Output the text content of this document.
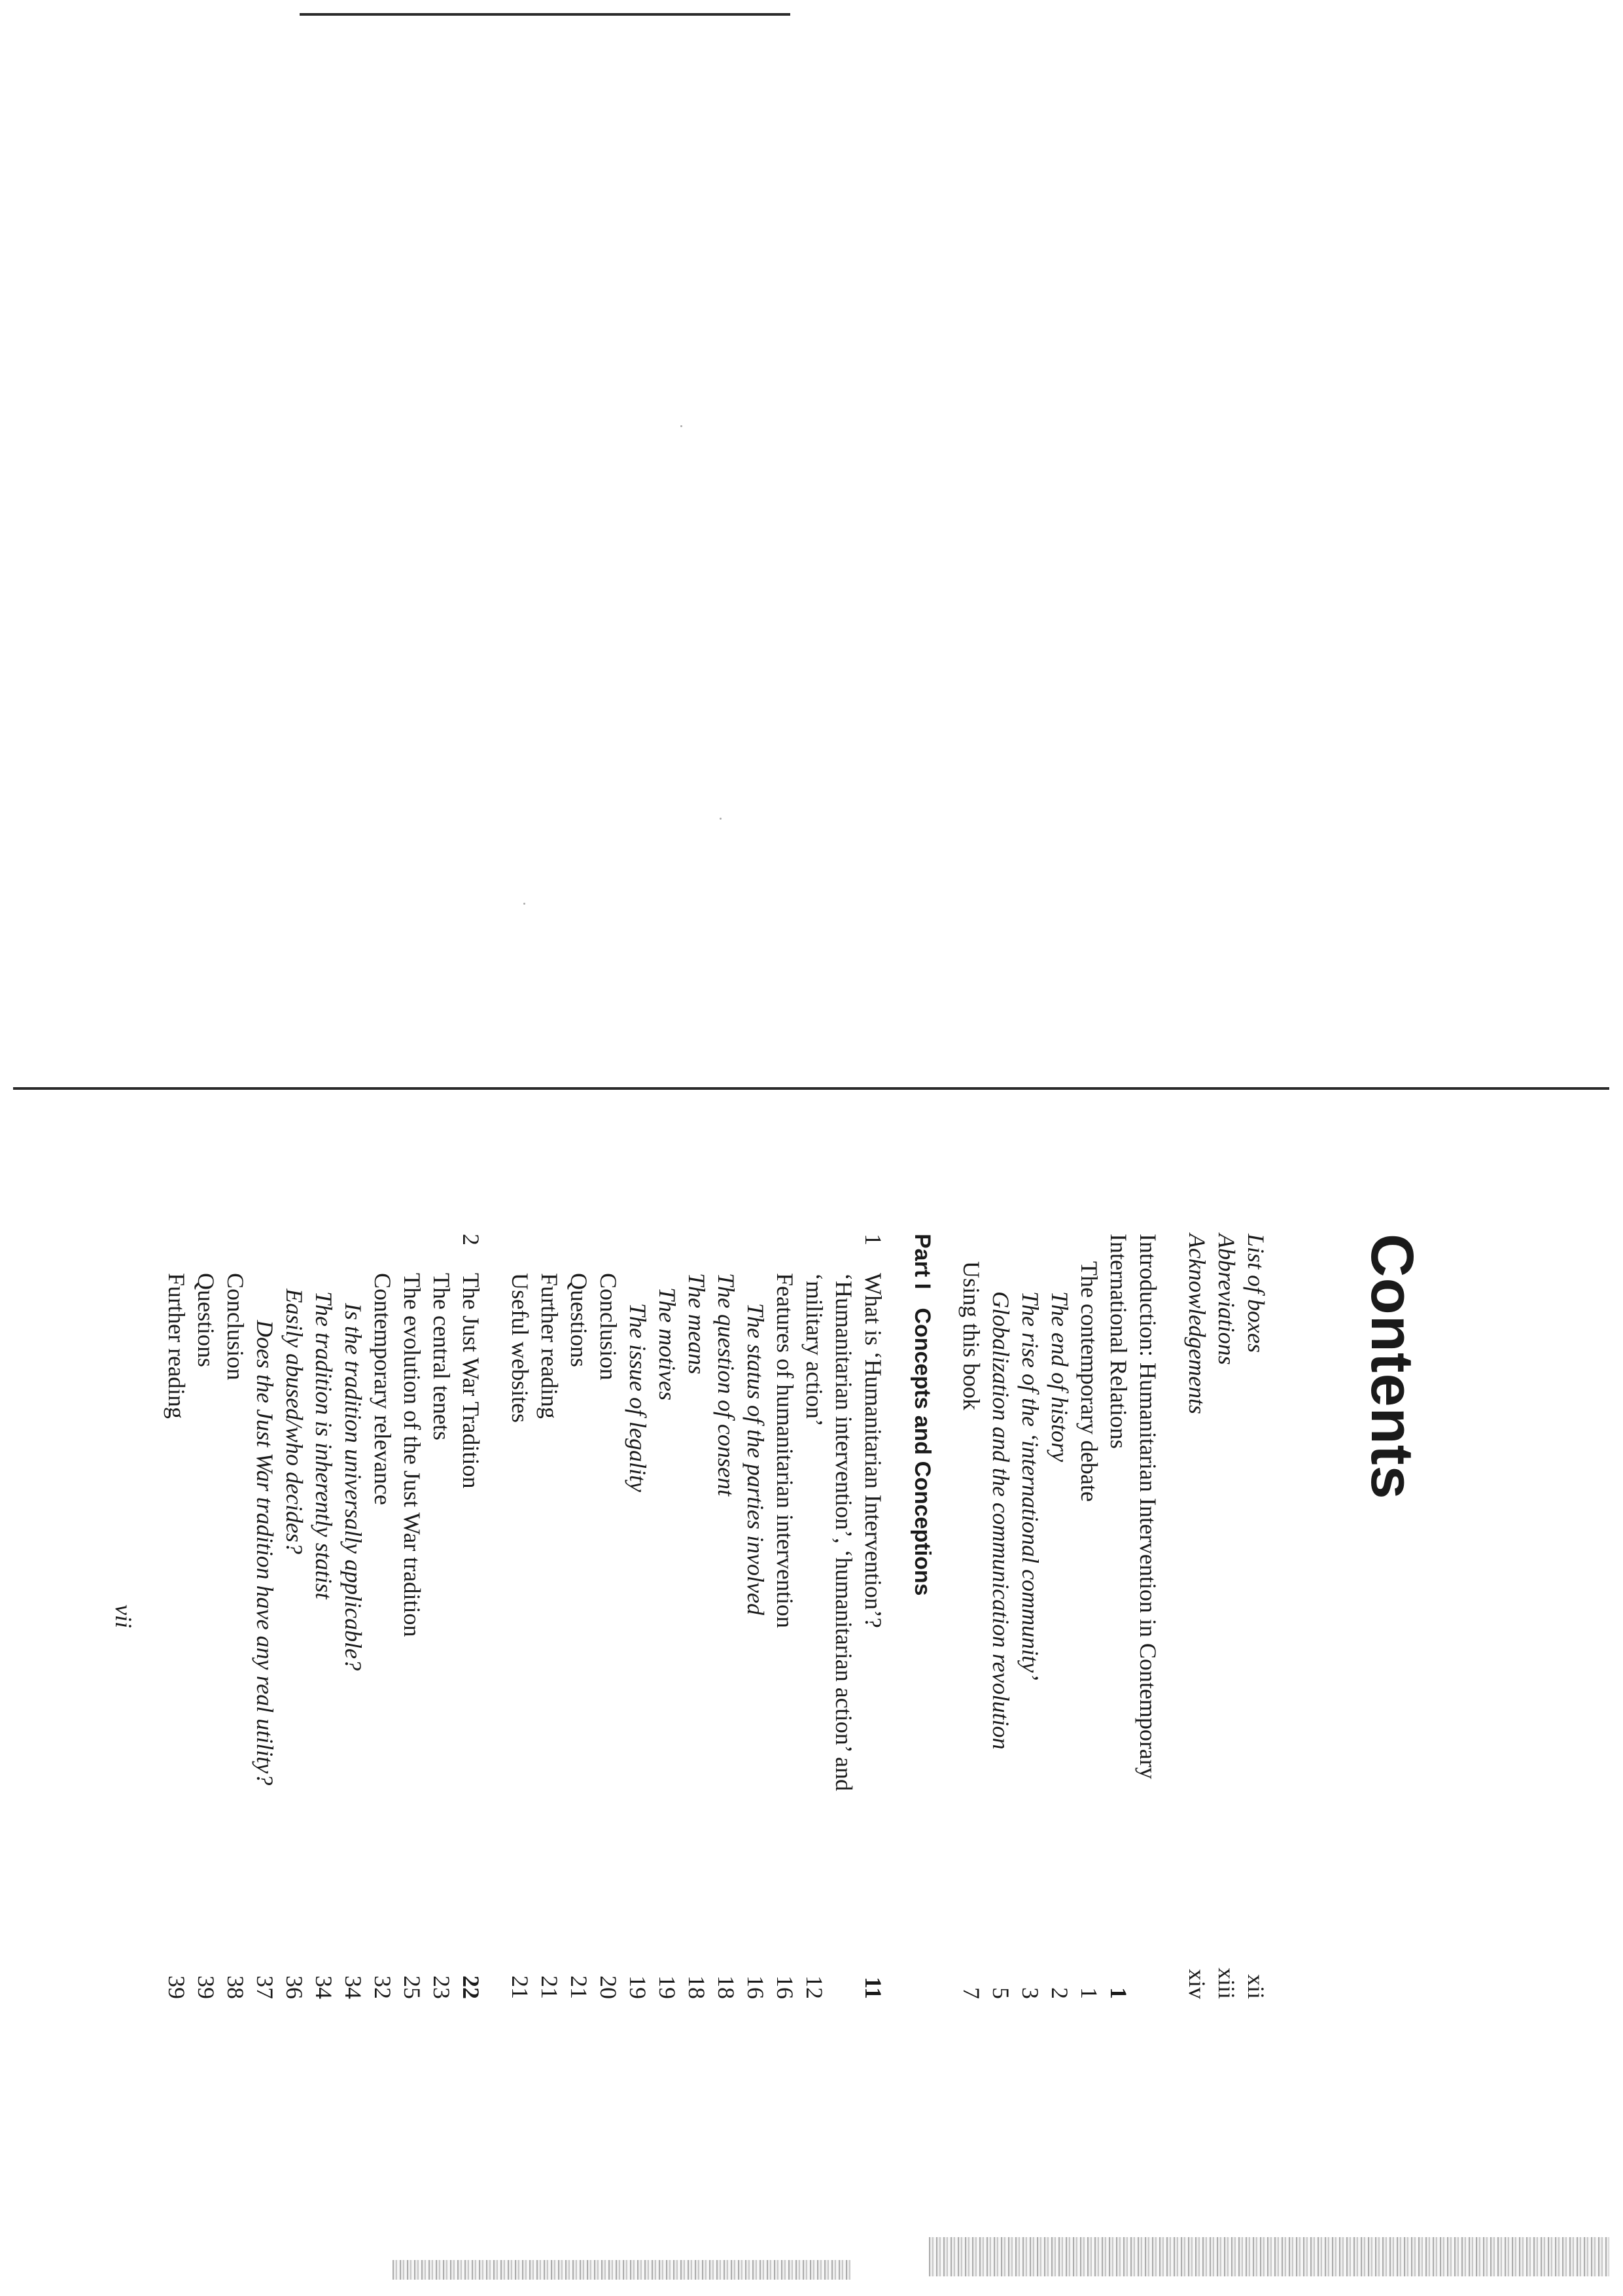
Contents
List of boxes
xii
Abbreviations
xiii
Acknowledgements
xiv
Introduction: Humanitarian Intervention in Contemporary
International Relations
1
The contemporary debate
1
The end of history
2
The rise of the ‘international community’
3
Globalization and the communication revolution
5
Using this book
7
Part I   Concepts and Conceptions
1
What is ‘Humanitarian Intervention’?
11
‘Humanitarian intervention’, ‘humanitarian action’ and
‘military action’
12
Features of humanitarian intervention
16
The status of the parties involved
16
The question of consent
18
The means
18
The motives
19
The issue of legality
19
Conclusion
20
Questions
21
Further reading
21
Useful websites
21
2
The Just War Tradition
22
The central tenets
23
The evolution of the Just War tradition
25
Contemporary relevance
32
Is the tradition universally applicable?
34
The tradition is inherently statist
34
Easily abused/who decides?
36
Does the Just War tradition have any real utility?
37
Conclusion
38
Questions
39
Further reading
39
vii
